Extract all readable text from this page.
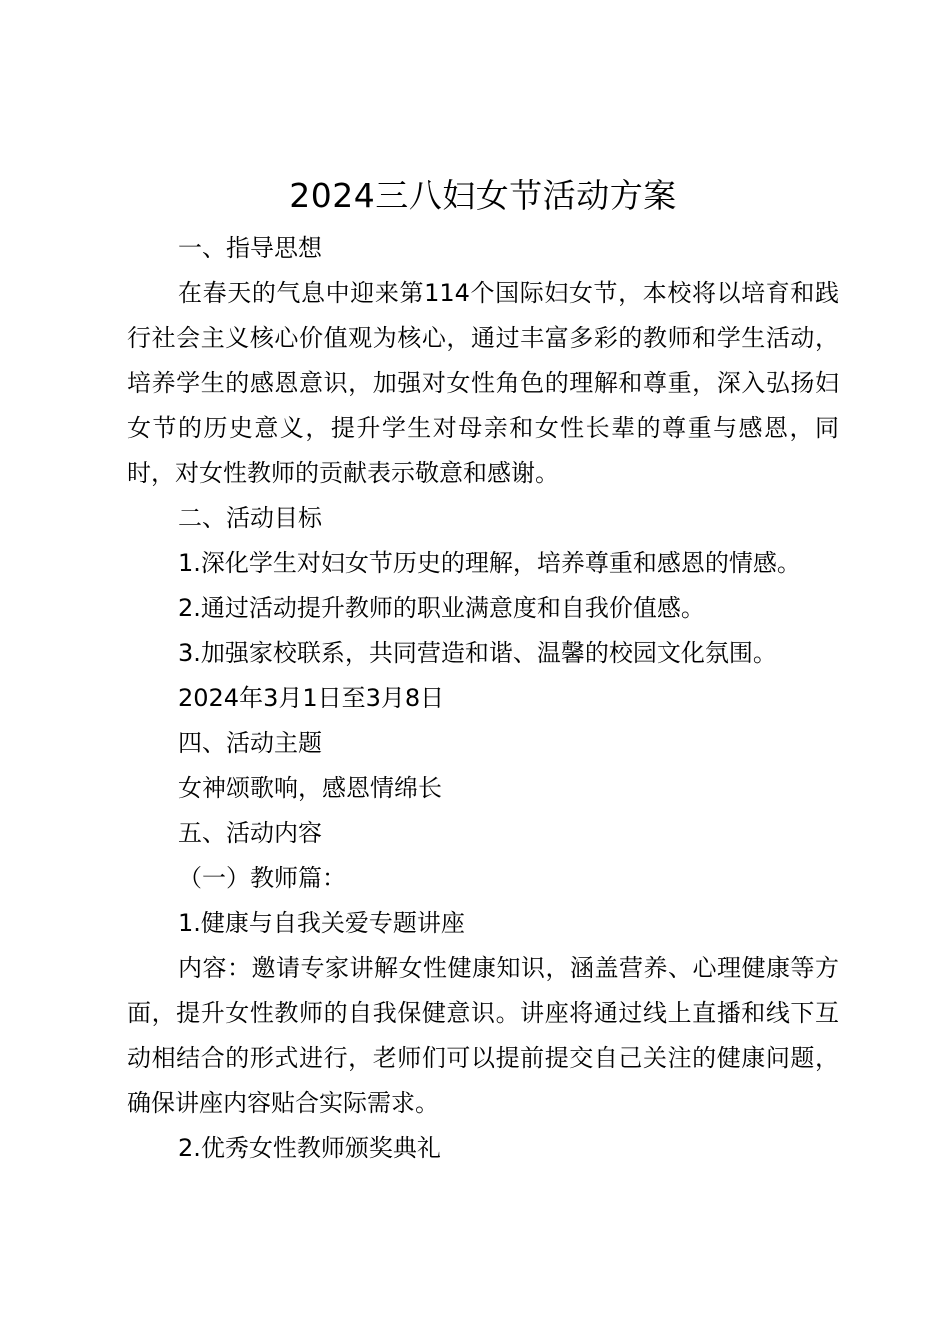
2024三八妇女节活动方案

一、指导思想

在春天的气息中迎来第114个国际妇女节，本校将以培育和践行社会主义核心价值观为核心，通过丰富多彩的教师和学生活动，培养学生的感恩意识，加强对女性角色的理解和尊重，深入弘扬妇女节的历史意义，提升学生对母亲和女性长辈的尊重与感恩，同时，对女性教师的贡献表示敬意和感谢。

二、活动目标

1.深化学生对妇女节历史的理解，培养尊重和感恩的情感。

2.通过活动提升教师的职业满意度和自我价值感。

3.加强家校联系，共同营造和谐、温馨的校园文化氛围。

2024年3月1日至3月8日

四、活动主题

女神颂歌响，感恩情绵长

五、活动内容

（一）教师篇：

1.健康与自我关爱专题讲座

内容：邀请专家讲解女性健康知识，涵盖营养、心理健康等方面，提升女性教师的自我保健意识。讲座将通过线上直播和线下互动相结合的形式进行，老师们可以提前提交自己关注的健康问题，确保讲座内容贴合实际需求。

2.优秀女性教师颁奖典礼
